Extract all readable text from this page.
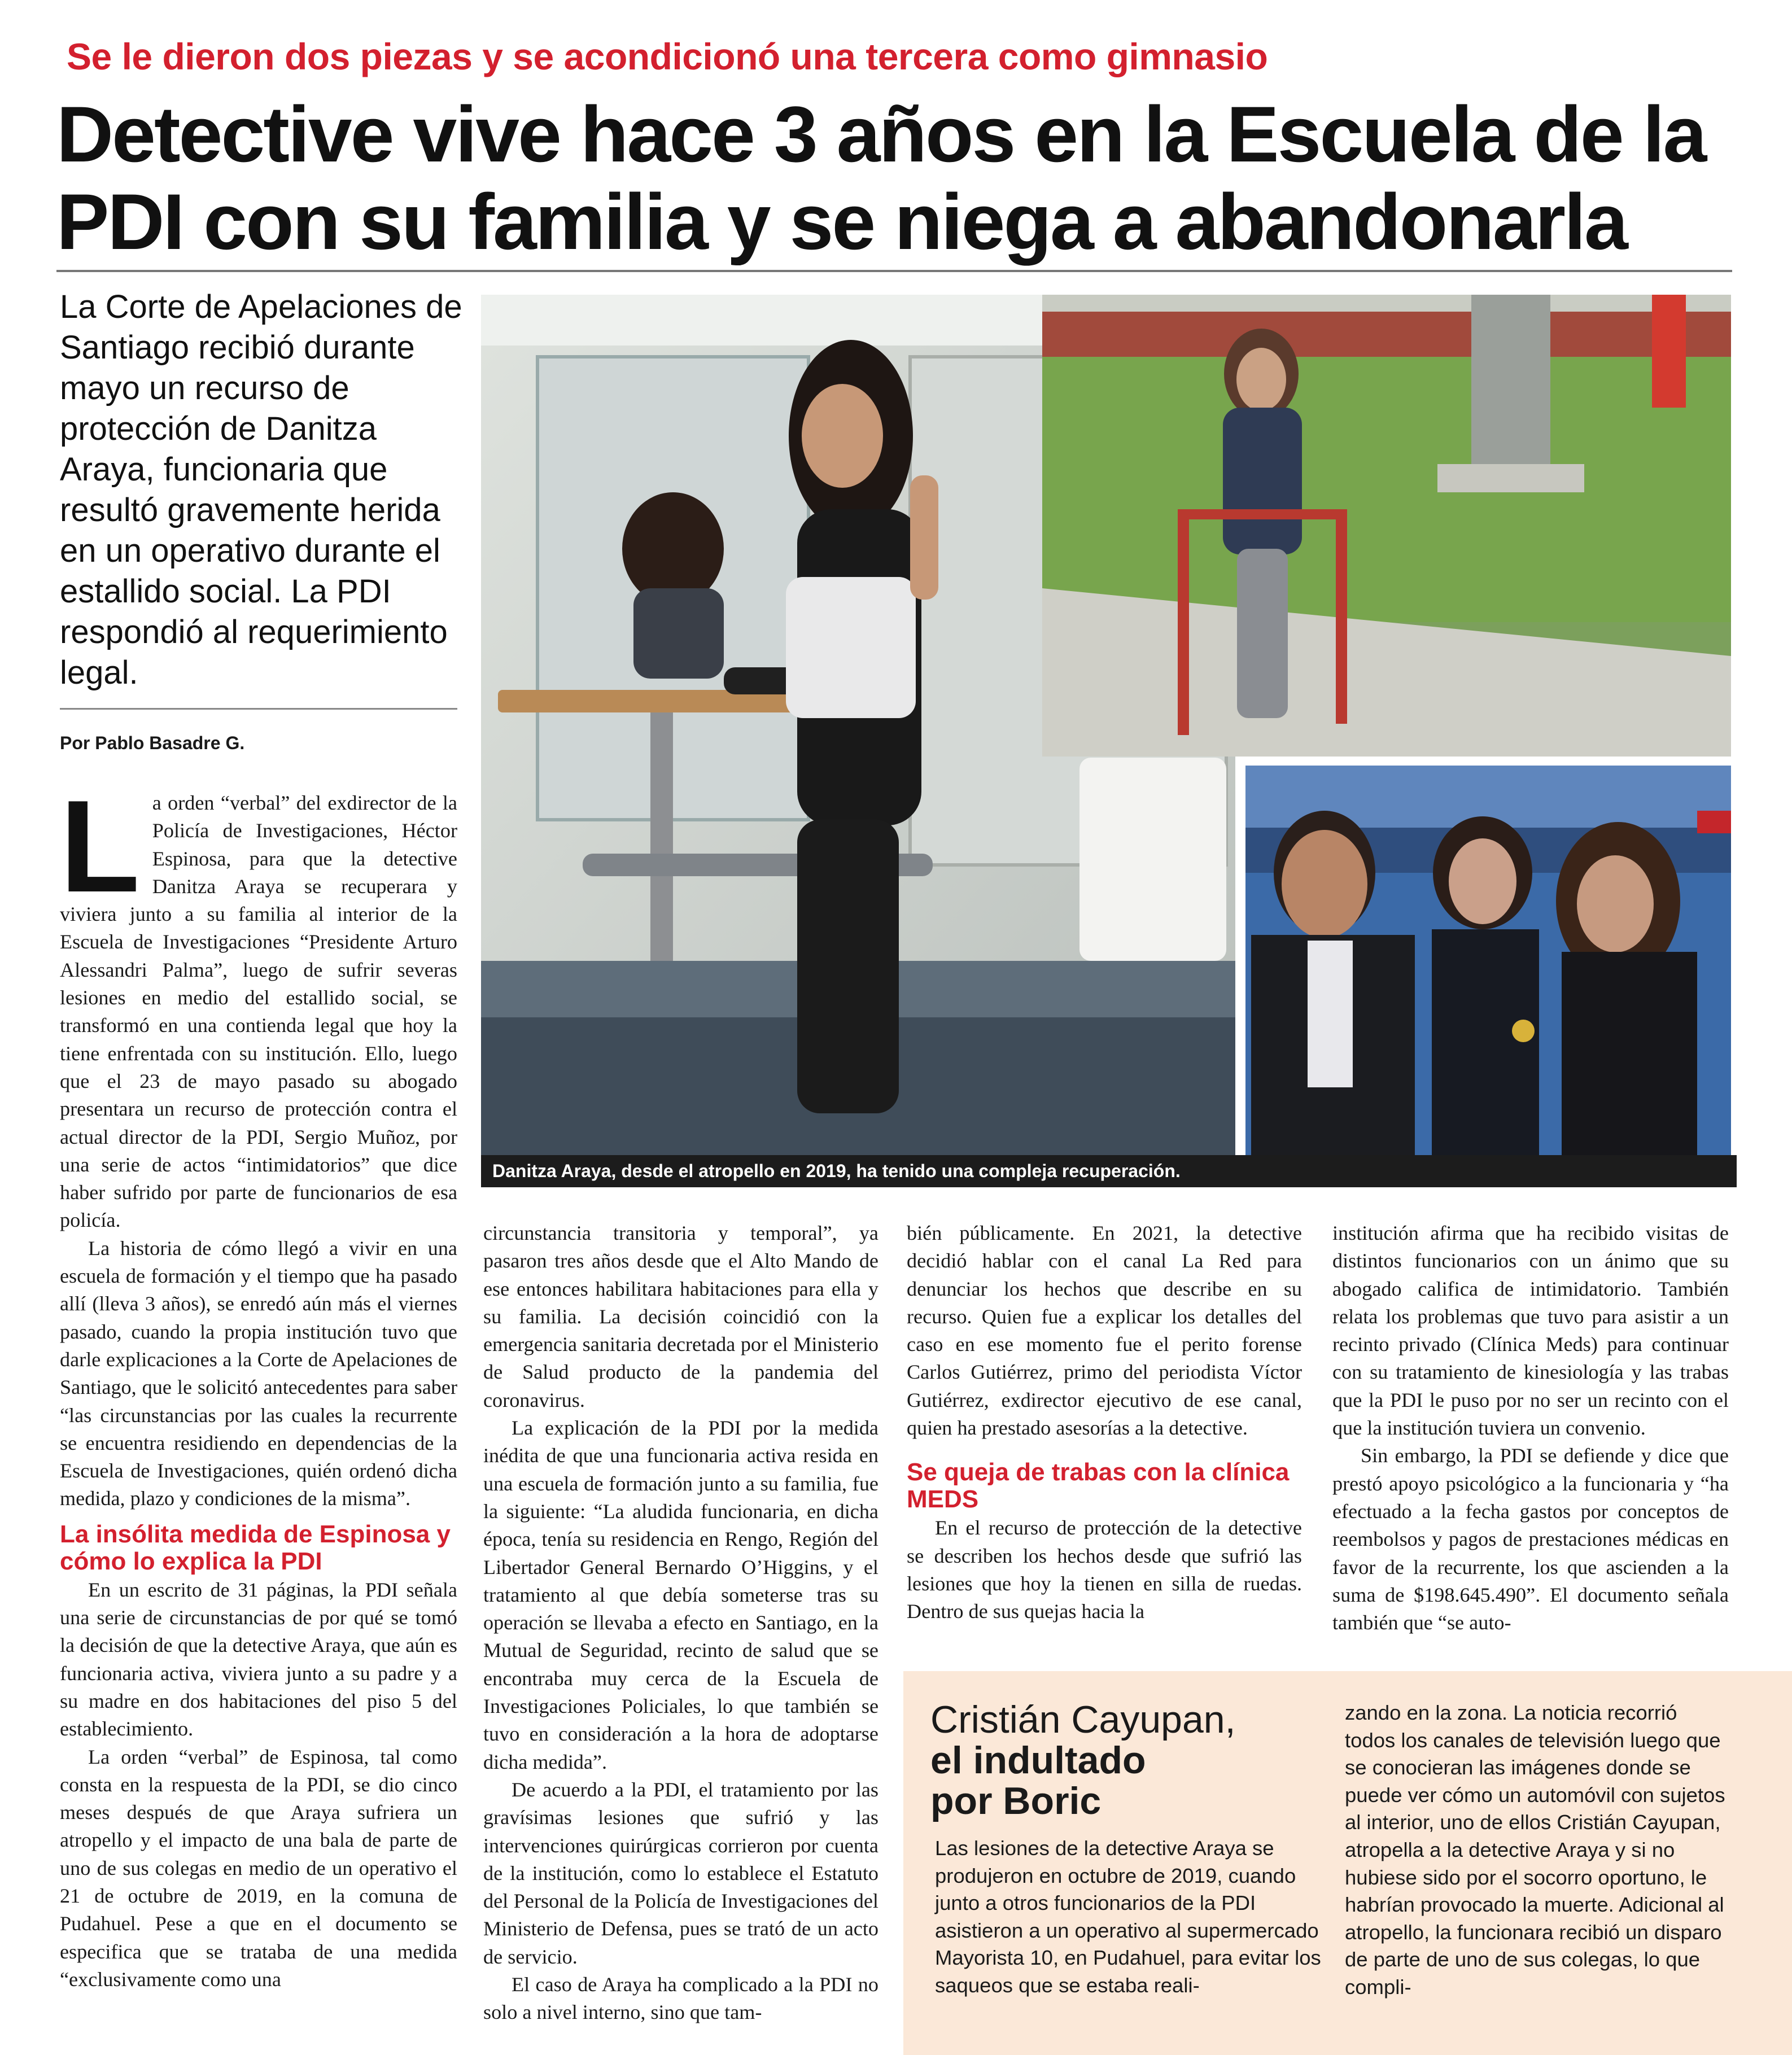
Se le dieron dos piezas y se acondicionó una tercera como gimnasio
Detective vive hace 3 años en la Escuela de la PDI con su familia y se niega a abandonarla
La Corte de Apelaciones de Santiago recibió durante mayo un recurso de protección de Danitza Araya, funcionaria que resultó gravemente herida en un operativo durante el estallido social. La PDI respondió al requerimiento legal.
Por Pablo Basadre G.
Danitza Araya, desde el atropello en 2019, ha tenido una compleja recuperación.
L a orden “verbal” del exdirector de la Policía de Investigaciones, Héctor Espinosa, para que la detective Danitza Araya se recuperara y viviera junto a su familia al interior de la Escuela de Investigaciones “Presidente Arturo Alessandri Palma”, luego de sufrir severas lesiones en medio del estallido social, se transformó en una contienda legal que hoy la tiene enfrentada con su institución. Ello, luego que el 23 de mayo pasado su abogado presentara un recurso de protección contra el actual director de la PDI, Sergio Muñoz, por una serie de actos “intimidatorios” que dice haber sufrido por parte de funcionarios de esa policía.

La historia de cómo llegó a vivir en una escuela de formación y el tiempo que ha pasado allí (lleva 3 años), se enredó aún más el viernes pasado, cuando la propia institución tuvo que darle explicaciones a la Corte de Apelaciones de Santiago, que le solicitó antecedentes para saber “las circunstancias por las cuales la recurrente se encuentra residiendo en dependencias de la Escuela de Investigaciones, quién ordenó dicha medida, plazo y condiciones de la misma”.

La insólita medida de Espinosa y cómo lo explica la PDI

En un escrito de 31 páginas, la PDI señala una serie de circunstancias de por qué se tomó la decisión de que la detective Araya, que aún es funcionaria activa, viviera junto a su padre y a su madre en dos habitaciones del piso 5 del establecimiento.

La orden “verbal” de Espinosa, tal como consta en la respuesta de la PDI, se dio cinco meses después de que Araya sufriera un atropello y el impacto de una bala de parte de uno de sus colegas en medio de un operativo el 21 de octubre de 2019, en la comuna de Pudahuel. Pese a que en el documento se especifica que se trataba de una medida “exclusivamente como una

circunstancia transitoria y temporal”, ya pasaron tres años desde que el Alto Mando de ese entonces habilitara habitaciones para ella y su familia. La decisión coincidió con la emergencia sanitaria decretada por el Ministerio de Salud producto de la pandemia del coronavirus.

La explicación de la PDI por la medida inédita de que una funcionaria activa resida en una escuela de formación junto a su familia, fue la siguiente: “La aludida funcionaria, en dicha época, tenía su residencia en Rengo, Región del Libertador General Bernardo O’Higgins, y el tratamiento al que debía someterse tras su operación se llevaba a efecto en Santiago, en la Mutual de Seguridad, recinto de salud que se encontraba muy cerca de la Escuela de Investigaciones Policiales, lo que también se tuvo en consideración a la hora de adoptarse dicha medida”.

De acuerdo a la PDI, el tratamiento por las gravísimas lesiones que sufrió y las intervenciones quirúrgicas corrieron por cuenta de la institución, como lo establece el Estatuto del Personal de la Policía de Investigaciones del Ministerio de Defensa, pues se trató de un acto de servicio.

El caso de Araya ha complicado a la PDI no solo a nivel interno, sino que tam-

bién públicamente. En 2021, la detective decidió hablar con el canal La Red para denunciar los hechos que describe en su recurso. Quien fue a explicar los detalles del caso en ese momento fue el perito forense Carlos Gutiérrez, primo del periodista Víctor Gutiérrez, exdirector ejecutivo de ese canal, quien ha prestado asesorías a la detective.

Se queja de trabas con la clínica MEDS

En el recurso de protección de la detective se describen los hechos desde que sufrió las lesiones que hoy la tienen en silla de ruedas. Dentro de sus quejas hacia la

institución afirma que ha recibido visitas de distintos funcionarios con un ánimo que su abogado califica de intimidatorio. También relata los problemas que tuvo para asistir a un recinto privado (Clínica Meds) para continuar con su tratamiento de kinesiología y las trabas que la PDI le puso por no ser un recinto con el que la institución tuviera un convenio.

Sin embargo, la PDI se defiende y dice que prestó apoyo psicológico a la funcionaria y “ha efectuado a la fecha gastos por conceptos de reembolsos y pagos de prestaciones médicas en favor de la recurrente, los que ascienden a la suma de $198.645.490”. El documento señala también que “se auto-

Cristián Cayupan,
el indultado
por Boric
Las lesiones de la detective Araya se produjeron en octubre de 2019, cuando junto a otros funcionarios de la PDI asistieron a un operativo al supermercado Mayorista 10, en Pudahuel, para evitar los saqueos que se estaba reali-
zando en la zona. La noticia recorrió todos los canales de televisión luego que se conocieran las imágenes donde se puede ver cómo un automóvil con sujetos al interior, uno de ellos Cristián Cayupan, atropella a la detective Araya y si no hubiese sido por el socorro oportuno, le habrían provocado la muerte. Adicional al atropello, la funcionara recibió un disparo de parte de uno de sus colegas, lo que compli-
